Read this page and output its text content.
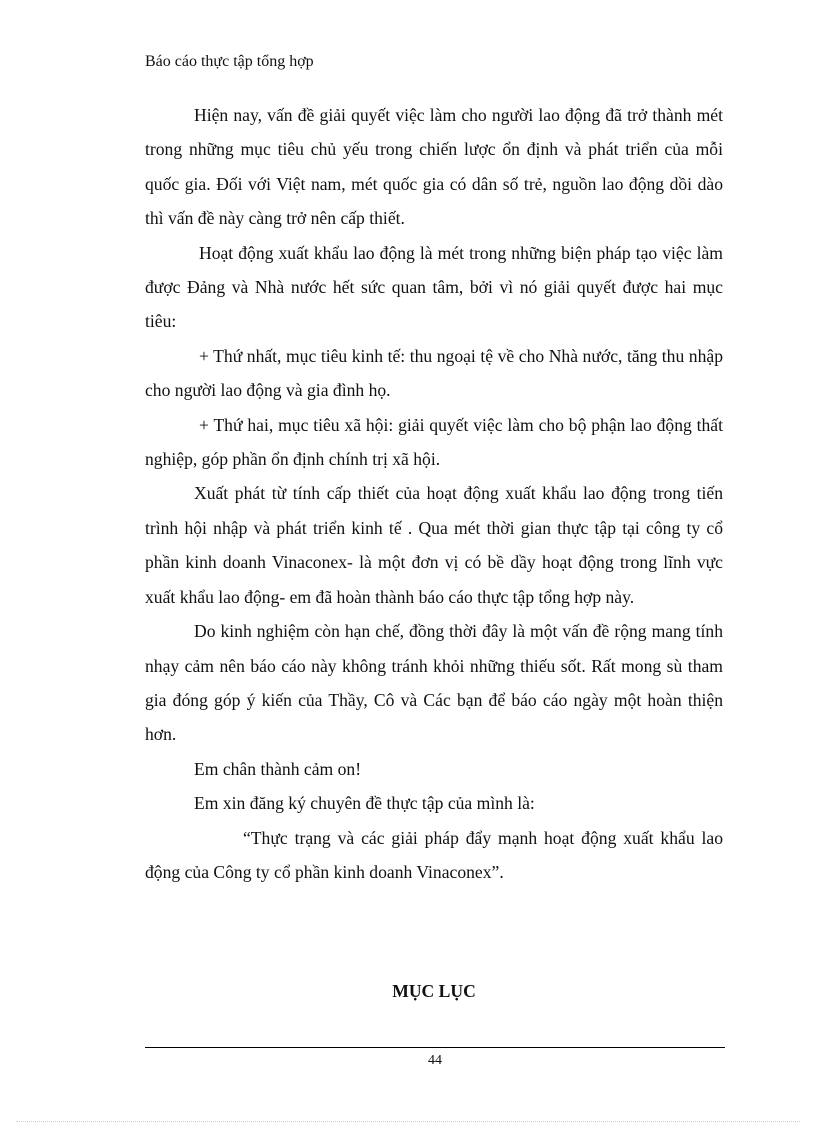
Báo cáo thực tập tổng hợp

Hiện nay, vấn đề giải quyết việc làm cho người lao động đã trở thành mét trong những mục tiêu chủ yếu trong chiến lược ổn định và phát triển của mỗi quốc gia. Đối với Việt nam, mét quốc gia có dân số trẻ, nguồn lao động dồi dào thì vấn đề này càng trở nên cấp thiết.

Hoạt động xuất khẩu lao động là mét trong những biện pháp tạo việc làm được Đảng và Nhà nước hết sức quan tâm, bởi vì nó giải quyết được hai mục tiêu:

+ Thứ nhất, mục tiêu kinh tế: thu ngoại tệ về cho Nhà nước, tăng thu nhập cho người lao động và gia đình họ.

+ Thứ hai, mục tiêu xã hội: giải quyết việc làm cho bộ phận lao động thất nghiệp, góp phần ổn định chính trị xã hội.

Xuất phát từ tính cấp thiết của hoạt động xuất khẩu lao động trong tiến trình hội nhập và phát triển kinh tế . Qua mét thời gian thực tập tại công ty cổ phần kinh doanh Vinaconex- là một đơn vị có bề dầy hoạt động trong lĩnh vực xuất khẩu lao động- em đã hoàn thành báo cáo thực tập tổng hợp này.

Do kinh nghiệm còn hạn chế, đồng thời đây là một vấn đề rộng mang tính nhạy cảm nên báo cáo này không tránh khỏi những thiếu sốt. Rất mong sù tham gia đóng góp ý kiến của Thầy, Cô và Các bạn để báo cáo ngày một hoàn thiện hơn.

Em chân thành cảm on!

Em xin đăng ký chuyên đề thực tập của mình là:

“Thực trạng và các giải pháp đẩy mạnh hoạt động xuất khẩu lao động của Công ty cổ phần kinh doanh Vinaconex”.

MỤC LỤC
44
